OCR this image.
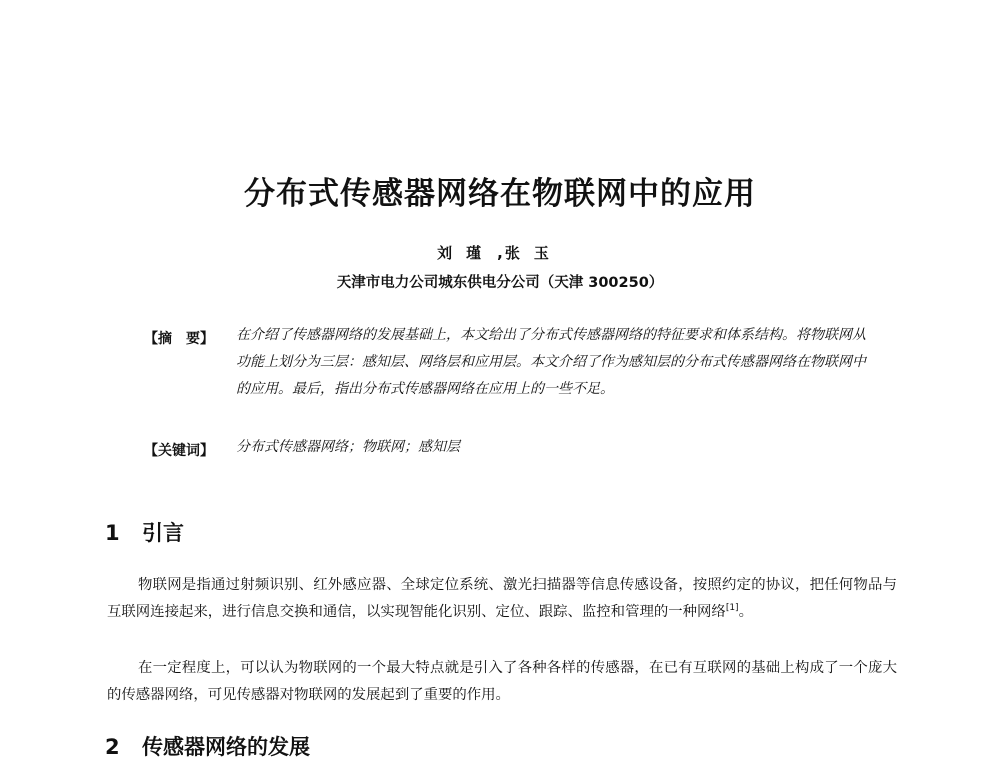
分布式传感器网络在物联网中的应用
刘瑾 , 张玉
天津市电力公司城东供电分公司（天津 300250）
【摘　要】	在介绍了传感器网络的发展基础上，本文给出了分布式传感器网络的特征要求和体系结构。将物联网从功能上划分为三层：感知层、网络层和应用层。本文介绍了作为感知层的分布式传感器网络在物联网中的应用。最后，指出分布式传感器网络在应用上的一些不足。
【关键词】	分布式传感器网络；物联网；感知层
1 引言

物联网是指通过射频识别、红外感应器、全球定位系统、激光扫描器等信息传感设备，按照约定的协议，把任何物品与互联网连接起来，进行信息交换和通信，以实现智能化识别、定位、跟踪、监控和管理的一种网络[1]。

在一定程度上，可以认为物联网的一个最大特点就是引入了各种各样的传感器，在已有互联网的基础上构成了一个庞大的传感器网络，可见传感器对物联网的发展起到了重要的作用。

2 传感器网络的发展
